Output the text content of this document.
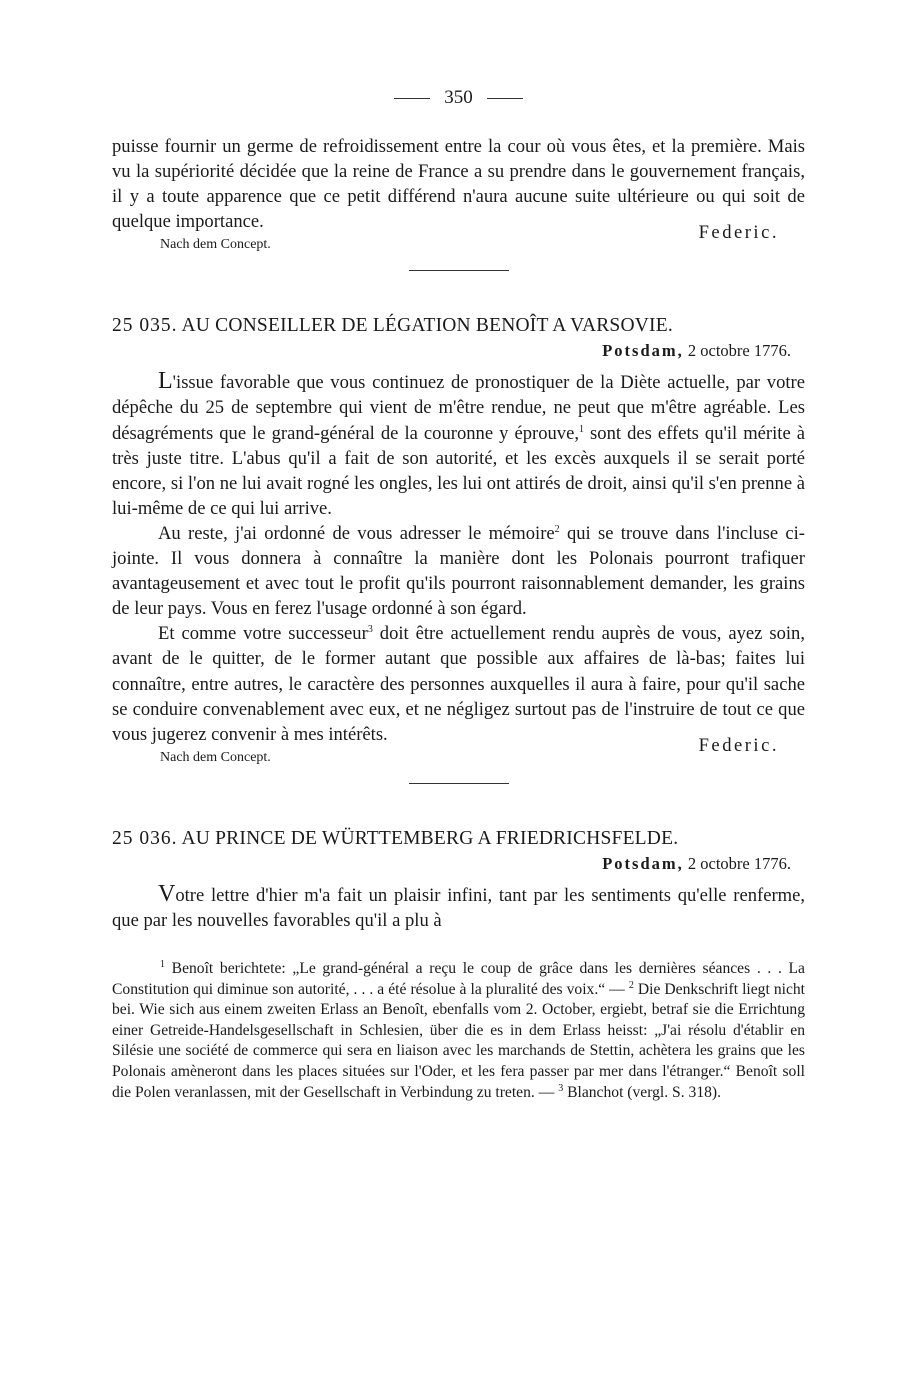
350

puisse fournir un germe de refroidissement entre la cour où vous êtes, et la première. Mais vu la supériorité décidée que la reine de France a su prendre dans le gouvernement français, il y a toute apparence que ce petit différend n'aura aucune suite ultérieure ou qui soit de quelque importance.

Nach dem Concept.
Federic.
25 035. AU CONSEILLER DE LÉGATION BENOÎT A VARSOVIE.
Potsdam, 2 octobre 1776.

L'issue favorable que vous continuez de pronostiquer de la Diète actuelle, par votre dépêche du 25 de septembre qui vient de m'être rendue, ne peut que m'être agréable. Les désagréments que le grand-général de la couronne y éprouve,$^1$ sont des effets qu'il mérite à très juste titre. L'abus qu'il a fait de son autorité, et les excès auxquels il se serait porté encore, si l'on ne lui avait rogné les ongles, les lui ont attirés de droit, ainsi qu'il s'en prenne à lui-même de ce qui lui arrive.

Au reste, j'ai ordonné de vous adresser le mémoire$^2$ qui se trouve dans l'incluse ci-jointe. Il vous donnera à connaître la manière dont les Polonais pourront trafiquer avantageusement et avec tout le profit qu'ils pourront raisonnablement demander, les grains de leur pays. Vous en ferez l'usage ordonné à son égard.

Et comme votre successeur$^3$ doit être actuellement rendu auprès de vous, ayez soin, avant de le quitter, de le former autant que possible aux affaires de là-bas; faites lui connaître, entre autres, le caractère des personnes auxquelles il aura à faire, pour qu'il sache se conduire convenablement avec eux, et ne négligez surtout pas de l'instruire de tout ce que vous jugerez convenir à mes intérêts.

Nach dem Concept.
Federic.
25 036. AU PRINCE DE WÜRTTEMBERG A FRIEDRICHSFELDE.
Potsdam, 2 octobre 1776.

Votre lettre d'hier m'a fait un plaisir infini, tant par les sentiments qu'elle renferme, que par les nouvelles favorables qu'il a plu à

$^1$ Benoît berichtete: „Le grand-général a reçu le coup de grâce dans les dernières séances . . . La Constitution qui diminue son autorité, . . . a été résolue à la pluralité des voix.“ — $^2$ Die Denkschrift liegt nicht bei. Wie sich aus einem zweiten Erlass an Benoît, ebenfalls vom 2. October, ergiebt, betraf sie die Errichtung einer Getreide-Handelsgesellschaft in Schlesien, über die es in dem Erlass heisst: „J'ai résolu d'établir en Silésie une société de commerce qui sera en liaison avec les marchands de Stettin, achètera les grains que les Polonais amèneront dans les places situées sur l'Oder, et les fera passer par mer dans l'étranger.“ Benoît soll die Polen veranlassen, mit der Gesellschaft in Verbindung zu treten. — $^3$ Blanchot (vergl. S. 318).
